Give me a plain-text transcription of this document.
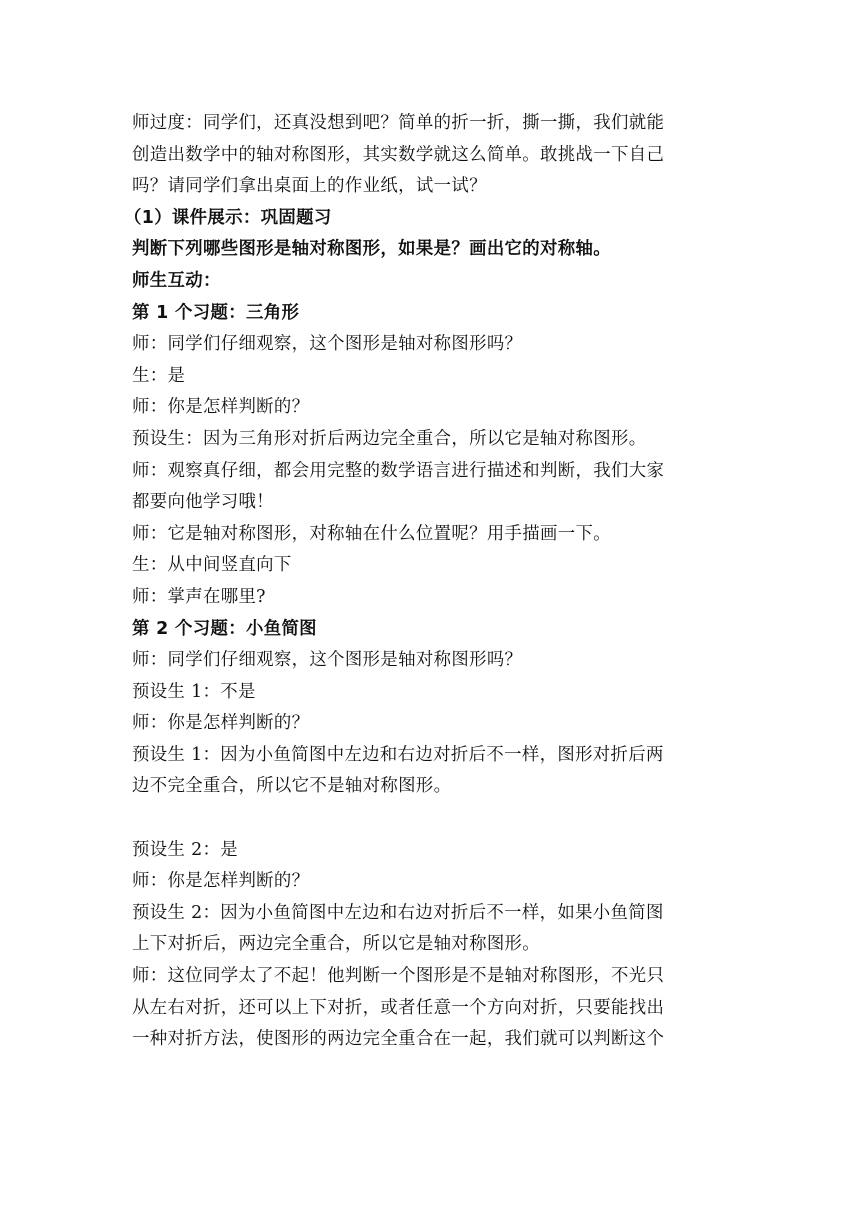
师过度：同学们，还真没想到吧？简单的折一折，撕一撕，我们就能
创造出数学中的轴对称图形，其实数学就这么简单。敢挑战一下自己
吗？请同学们拿出桌面上的作业纸，试一试？
（1）课件展示：巩固题习
判断下列哪些图形是轴对称图形，如果是？画出它的对称轴。
师生互动：
第 1 个习题：三角形
师：同学们仔细观察，这个图形是轴对称图形吗？
生：是
师：你是怎样判断的？
预设生：因为三角形对折后两边完全重合，所以它是轴对称图形。
师：观察真仔细，都会用完整的数学语言进行描述和判断，我们大家
都要向他学习哦！
师：它是轴对称图形，对称轴在什么位置呢？用手描画一下。
生：从中间竖直向下
师：掌声在哪里?
第 2 个习题：小鱼简图
师：同学们仔细观察，这个图形是轴对称图形吗？
预设生 1：不是
师：你是怎样判断的？
预设生 1：因为小鱼简图中左边和右边对折后不一样，图形对折后两
边不完全重合，所以它不是轴对称图形。
预设生 2：是
师：你是怎样判断的？
预设生 2：因为小鱼简图中左边和右边对折后不一样，如果小鱼简图
上下对折后，两边完全重合，所以它是轴对称图形。
师：这位同学太了不起！他判断一个图形是不是轴对称图形，不光只
从左右对折，还可以上下对折，或者任意一个方向对折，只要能找出
一种对折方法，使图形的两边完全重合在一起，我们就可以判断这个
